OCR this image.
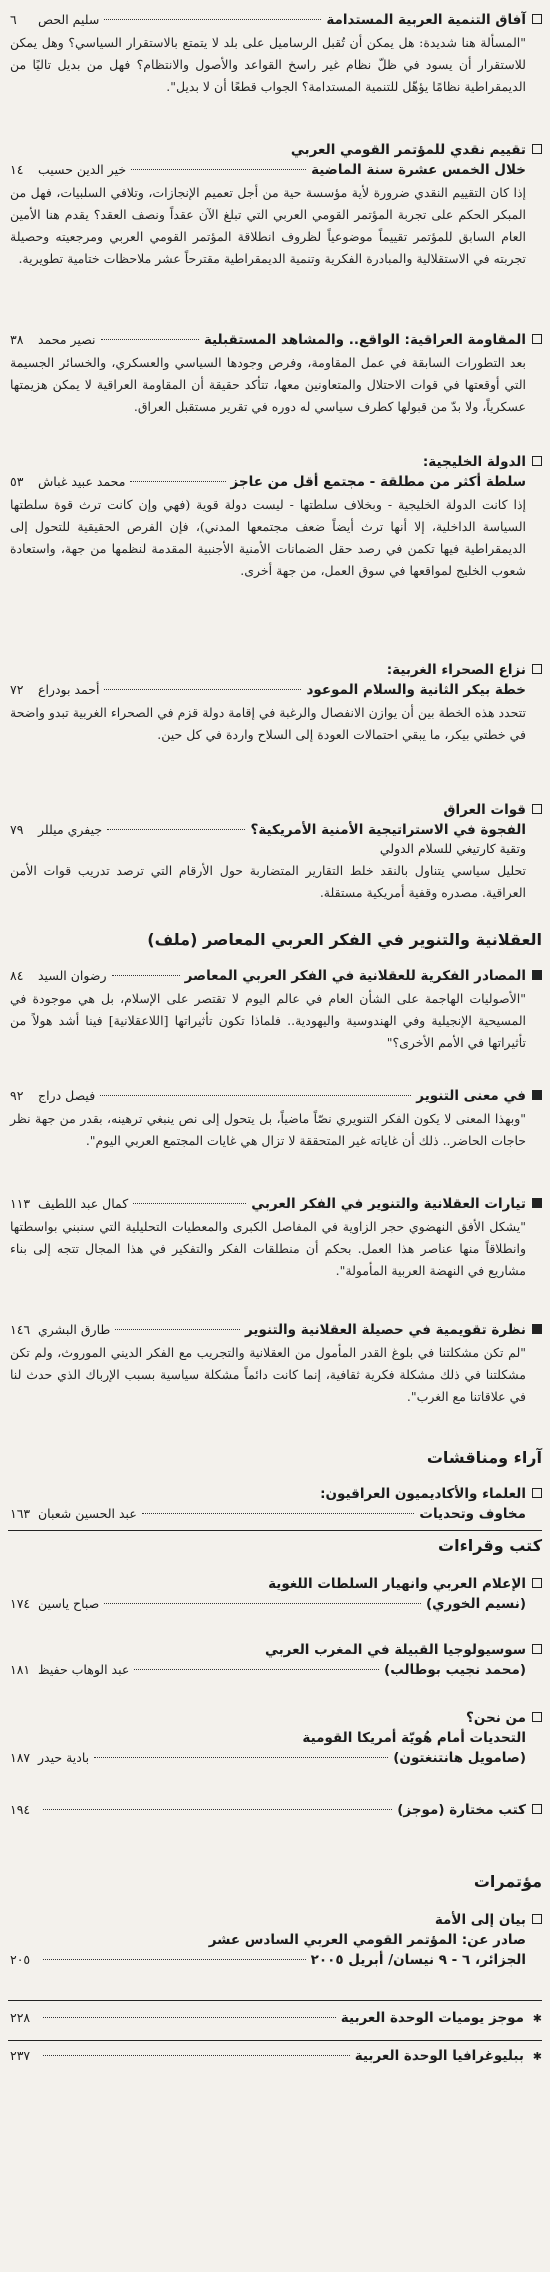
آفاق التنمية العربية المستدامة
سليم الحص
٦
"المسألة هنا شديدة: هل يمكن أن تُقبل الرساميل على بلد لا يتمتع بالاستقرار السياسي؟ وهل يمكن للاستقرار أن يسود في ظلّ نظام غير راسخ القواعد والأصول والانتظام؟ فهل من بديل تاليًا من الديمقراطية نظامًا يؤهّل للتنمية المستدامة؟ الجواب قطعًا أن لا بديل".
تقييم نقدي للمؤتمر القومي العربي
خلال الخمس عشرة سنة الماضية
خير الدين حسيب
١٤
إذا كان التقييم النقدي ضرورة لأية مؤسسة حية من أجل تعميم الإنجازات، وتلافي السلبيات، فهل من المبكر الحكم على تجربة المؤتمر القومي العربي التي تبلغ الآن عقداً ونصف العقد؟ يقدم هنا الأمين العام السابق للمؤتمر تقييماً موضوعياً لظروف انطلاقة المؤتمر القومي العربي ومرجعيته وحصيلة تجربته في الاستقلالية والمبادرة الفكرية وتنمية الديمقراطية مقترحاً عشر ملاحظات ختامية تطويرية.
المقاومة العراقية: الواقع.. والمشاهد المستقبلية
نصير محمد
٣٨
بعد التطورات السابقة في عمل المقاومة، وفرص وجودها السياسي والعسكري، والخسائر الجسيمة التي أوقعتها في قوات الاحتلال والمتعاونين معها، تتأكد حقيقة أن المقاومة العراقية لا يمكن هزيمتها عسكرياً، ولا بدّ من قبولها كطرف سياسي له دوره في تقرير مستقبل العراق.
الدولة الخليجية:
سلطة أكثر من مطلقة - مجتمع أقل من عاجز
محمد عبيد غباش
٥٣
إذا كانت الدولة الخليجية - وبخلاف سلطتها - ليست دولة قوية (فهي وإن كانت ترث قوة سلطتها السياسة الداخلية، إلا أنها ترث أيضاً ضعف مجتمعها المدني)، فإن الفرص الحقيقية للتحول إلى الديمقراطية فيها تكمن في رصد حقل الضمانات الأمنية الأجنبية المقدمة لنظمها من جهة، واستعادة شعوب الخليج لمواقعها في سوق العمل، من جهة أخرى.
نزاع الصحراء الغربية:
خطة بيكر الثانية والسلام الموعود
أحمد بودراع
٧٢
تتحدد هذه الخطة بين أن يوازن الانفصال والرغبة في إقامة دولة قزم في الصحراء الغربية تبدو واضحة في خطتي بيكر، ما يبقي احتمالات العودة إلى السلاح واردة في كل حين.
قوات العراق
الفجوة في الاستراتيجية الأمنية الأمريكية؟
جيفري ميللر
٧٩
وتقية كارتيغي للسلام الدولي
تحليل سياسي يتناول بالنقد خلط التقارير المتضاربة حول الأرقام التي ترصد تدريب قوات الأمن العراقية. مصدره وقفية أمريكية مستقلة.
العقلانية والتنوير في الفكر العربي المعاصر (ملف)
المصادر الفكرية للعقلانية في الفكر العربي المعاصر
رضوان السيد
٨٤
"الأصوليات الهاجمة على الشأن العام في عالم اليوم لا تقتصر على الإسلام، بل هي موجودة في المسيحية الإنجيلية وفي الهندوسية واليهودية.. فلماذا تكون تأثيراتها [اللاعقلانية] فينا أشد هولاً من تأثيراتها في الأمم الأخرى؟"
في معنى التنوير
فيصل دراج
٩٢
"وبهذا المعنى لا يكون الفكر التنويري نصّاً ماضياً، بل يتحول إلى نص ينبغي ترهينه، بقدر من جهة نظر حاجات الحاضر.. ذلك أن غاياته غير المتحققة لا تزال هي غايات المجتمع العربي اليوم".
تيارات العقلانية والتنوير في الفكر العربي
كمال عبد اللطيف
١١٣
"يشكل الأفق النهضوي حجر الزاوية في المفاصل الكبرى والمعطيات التحليلية التي سنبني بواسطتها وانطلاقاً منها عناصر هذا العمل. بحكم أن منطلقات الفكر والتفكير في هذا المجال تتجه إلى بناء مشاريع في النهضة العربية المأمولة".
نظرة تقويمية في حصيلة العقلانية والتنوير
طارق البشري
١٤٦
"لم تكن مشكلتنا في بلوغ القدر المأمول من العقلانية والتجريب مع الفكر الديني الموروث، ولم تكن مشكلتنا في ذلك مشكلة فكرية ثقافية، إنما كانت دائماً مشكلة سياسية بسبب الإرباك الذي حدث لنا في علاقاتنا مع الغرب".
آراء ومناقشات
العلماء والأكاديميون العراقيون:
مخاوف وتحديات
عبد الحسين شعبان
١٦٣
كتب وقراءات
الإعلام العربي وانهيار السلطات اللغوية
(نسيم الخوري)
صباح ياسين
١٧٤
سوسيولوجيا القبيلة في المغرب العربي
(محمد نجيب بوطالب)
عبد الوهاب حفيظ
١٨١
من نحن؟
التحديات أمام هُويّة أمريكا القومية
(صامويل هانتنغتون)
بادية حيدر
١٨٧
كتب مختارة (موجز)
١٩٤
مؤتمرات
بيان إلى الأمة
صادر عن: المؤتمر القومي العربي السادس عشر
الجزائر، ٦ - ٩ نيسان/ أبريل ٢٠٠٥
٢٠٥
✱
موجز يوميات الوحدة العربية
٢٢٨
✱
ببليوغرافيا الوحدة العربية
٢٣٧
